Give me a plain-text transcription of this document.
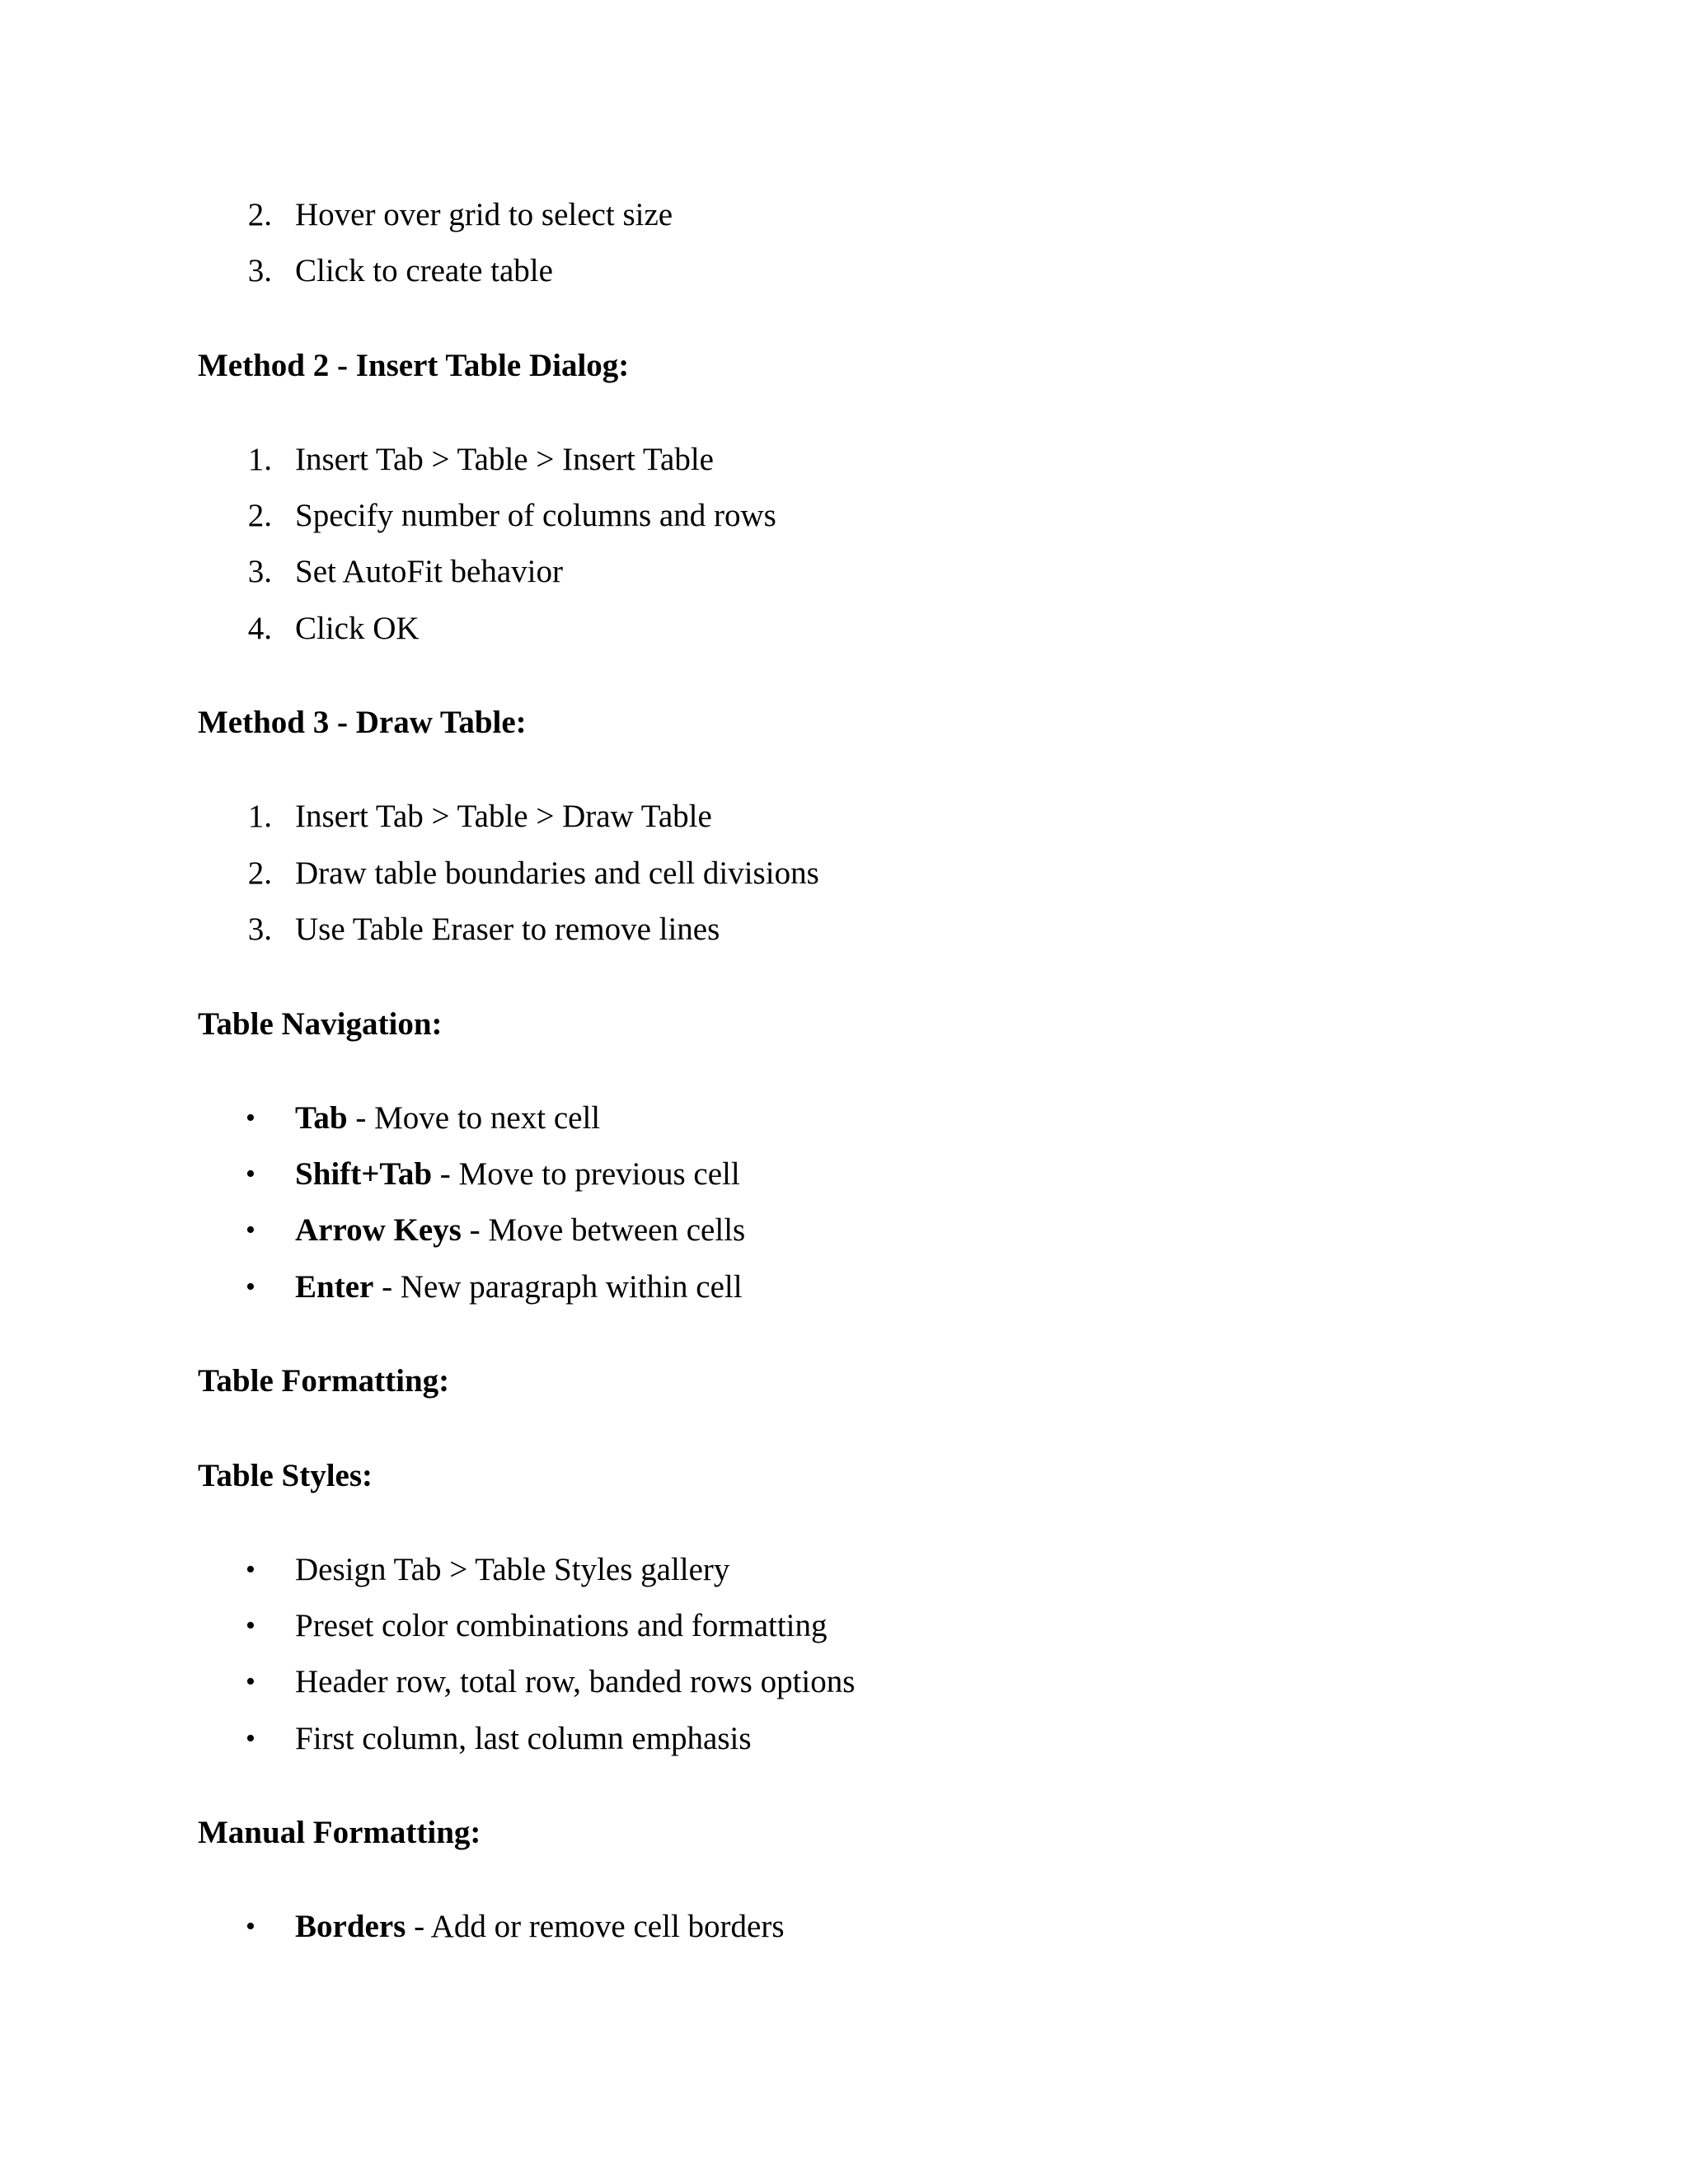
2. Hover over grid to select size
3. Click to create table
Method 2 - Insert Table Dialog:
1. Insert Tab > Table > Insert Table
2. Specify number of columns and rows
3. Set AutoFit behavior
4. Click OK
Method 3 - Draw Table:
1. Insert Tab > Table > Draw Table
2. Draw table boundaries and cell divisions
3. Use Table Eraser to remove lines
Table Navigation:
• Tab - Move to next cell
• Shift+Tab - Move to previous cell
• Arrow Keys - Move between cells
• Enter - New paragraph within cell
Table Formatting:
Table Styles:
• Design Tab > Table Styles gallery
• Preset color combinations and formatting
• Header row, total row, banded rows options
• First column, last column emphasis
Manual Formatting:
• Borders - Add or remove cell borders
